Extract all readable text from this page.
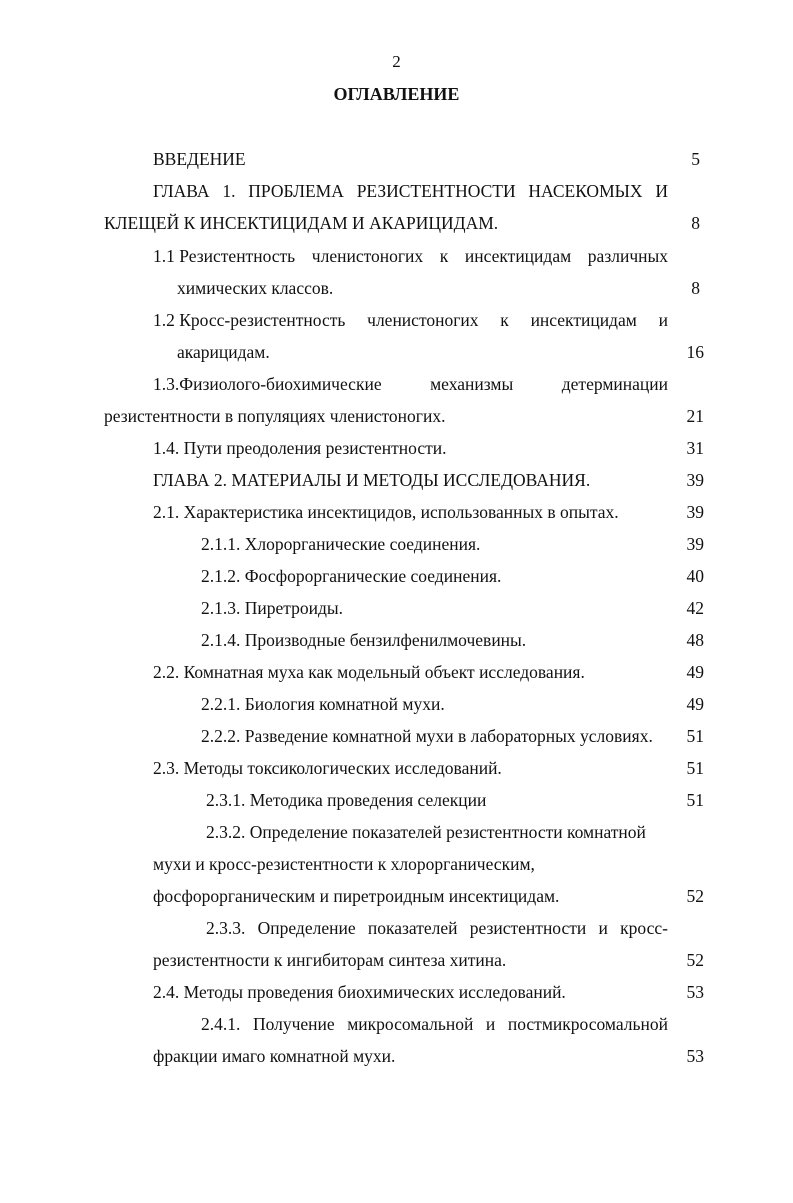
2
ОГЛАВЛЕНИЕ
ВВЕДЕНИЕ	5
ГЛАВА 1. ПРОБЛЕМА РЕЗИСТЕНТНОСТИ НАСЕКОМЫХ И
КЛЕЩЕЙ К ИНСЕКТИЦИДАМ И АКАРИЦИДАМ.	8
1.1 Резистентность членистоногих к инсектицидам различных
химических классов.	8
1.2 Кросс-резистентность членистоногих к инсектицидам и
акарицидам.	16
1.3.Физиолого-биохимические	механизмы	детерминации
резистентности в популяциях членистоногих.	21
1.4. Пути преодоления резистентности.	31
ГЛАВА 2. МАТЕРИАЛЫ И МЕТОДЫ ИССЛЕДОВАНИЯ.	39
2.1. Характеристика инсектицидов, использованных в опытах.	39
2.1.1. Хлорорганические соединения.	39
2.1.2. Фосфорорганические соединения.	40
2.1.3. Пиретроиды.	42
2.1.4. Производные бензилфенилмочевины.	48
2.2. Комнатная муха как модельный объект исследования.	49
2.2.1. Биология комнатной мухи.	49
2.2.2. Разведение комнатной мухи в лабораторных условиях.	51
2.3. Методы токсикологических исследований.	51
2.3.1. Методика проведения селекции	51
2.3.2. Определение показателей резистентности комнатной
мухи и кросс-резистентности к хлорорганическим,
фосфорорганическим и пиретроидным инсектицидам.	52
2.3.3. Определение показателей резистентности и кросс-
резистентности к ингибиторам синтеза хитина.	52
2.4. Методы проведения биохимических исследований.	53
2.4.1. Получение микросомальной и постмикросомальной
фракции имаго комнатной мухи.	53
